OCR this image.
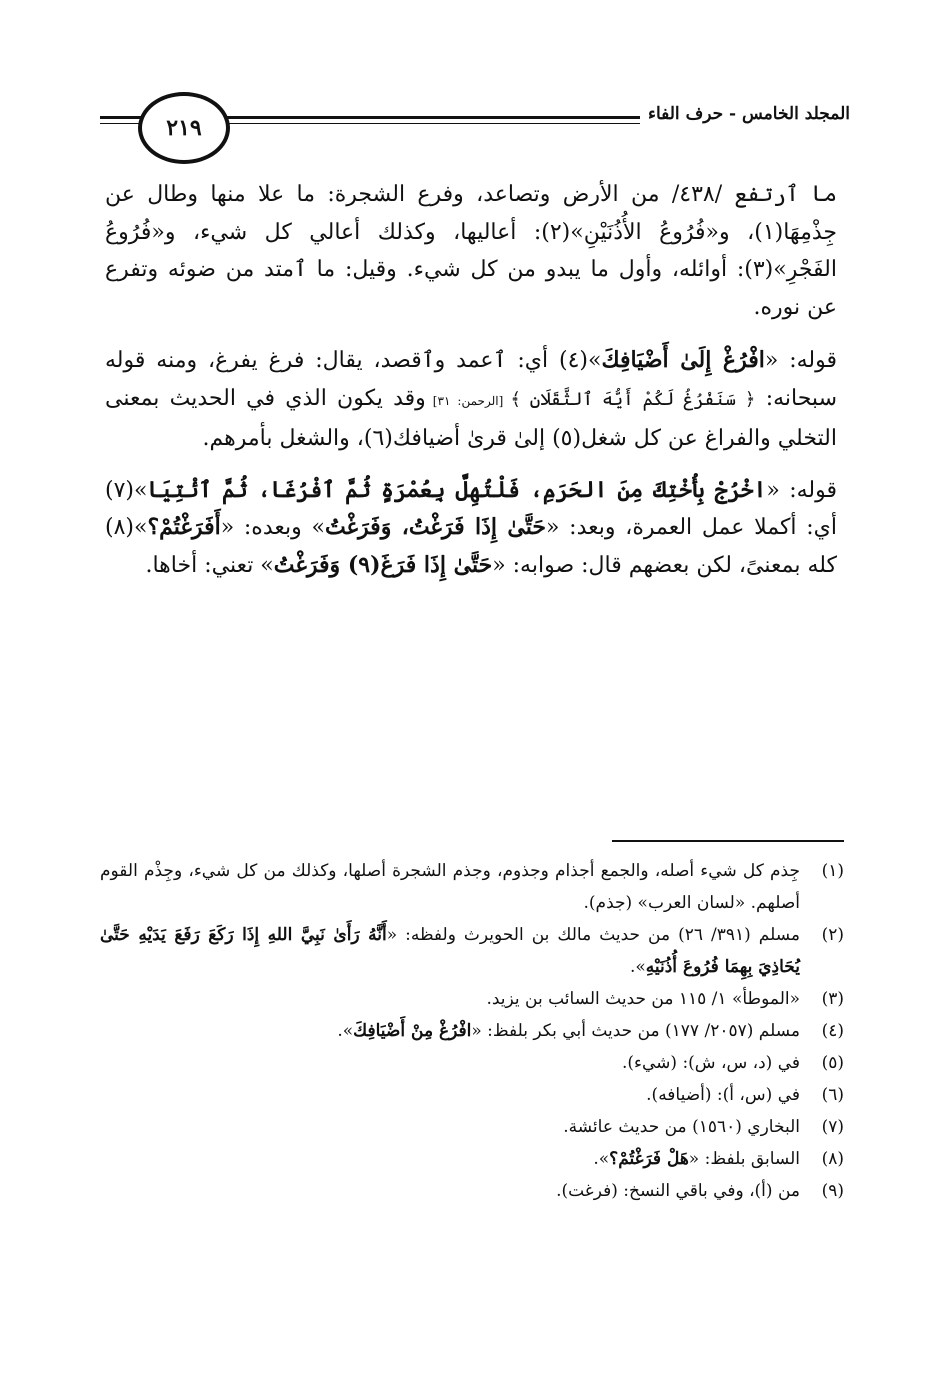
المجلد الخامس - حرف الفاء
٢١٩

ما ٱرتفع /٤٣٨/ من الأرض وتصاعد، وفرع الشجرة: ما علا منها وطال عن جِذْمِهَا(١)، و«فُرُوعُ الأُذُنَيْنِ»(٢): أعاليها، وكذلك أعالي كل شيء، و«فُرُوعُ الفَجْرِ»(٣): أوائله، وأول ما يبدو من كل شيء. وقيل: ما ٱمتد من ضوئه وتفرع عن نوره.

قوله: «افْرُغْ إِلَىٰ أَضْيَافِكَ»(٤) أي: ٱعمد وٱقصد، يقال: فرغ يفرغ، ومنه قوله سبحانه: ﴿ سَنَفْرُغُ لَكُمْ أَيُّهَ ٱلثَّقَلَانِ ﴾ [الرحمن: ٣١] وقد يكون الذي في الحديث بمعنى التخلي والفراغ عن كل شغل(٥) إلىٰ قرىٰ أضيافك(٦)، والشغل بأمرهم.

قوله: «اخْرُجْ بِأُخْتِكَ مِنَ الحَرَمِ، فَلْتُهِلَّ بِعُمْرَةٍ ثُمَّ ٱفْرُغَا، ثُمَّ ٱئْتِيَا»(٧) أي: أكملا عمل العمرة، وبعد: «حَتَّىٰ إِذَا فَرَغْتُ، وَفَرَغْتُ» وبعده: «أَفَرَغْتُمْ؟»(٨) كله بمعنىً، لكن بعضهم قال: صوابه: «حَتَّىٰ إِذَا فَرَغَ(٩) وَفَرَغْتُ» تعني: أخاها.

(١)
جِذم كل شيء أصله، والجمع أجذام وجذوم، وجذم الشجرة أصلها، وكذلك من كل شيء، وجِذْم القوم أصلهم. «لسان العرب» (جذم).
(٢)
مسلم (٣٩١/ ٢٦) من حديث مالك بن الحويرث ولفظه: «أَنَّهُ رَأَىٰ نَبِيَّ اللهِ إِذَا رَكَعَ رَفَعَ يَدَيْهِ حَتَّىٰ يُحَاذِيَ بِهِمَا فُرُوعَ أُذُنَيْهِ».
(٣)
«الموطأ» ١/ ١١٥ من حديث السائب بن يزيد.
(٤)
مسلم (٢٠٥٧/ ١٧٧) من حديث أبي بكر بلفظ: «افْرُغْ مِنْ أَضْيَافِكَ».
(٥)
في (د، س، ش): (شيء).
(٦)
في (س، أ): (أضيافه).
(٧)
البخاري (١٥٦٠) من حديث عائشة.
(٨)
السابق بلفظ: «هَلْ فَرَغْتُمْ؟».
(٩)
من (أ)، وفي باقي النسخ: (فرغت).
